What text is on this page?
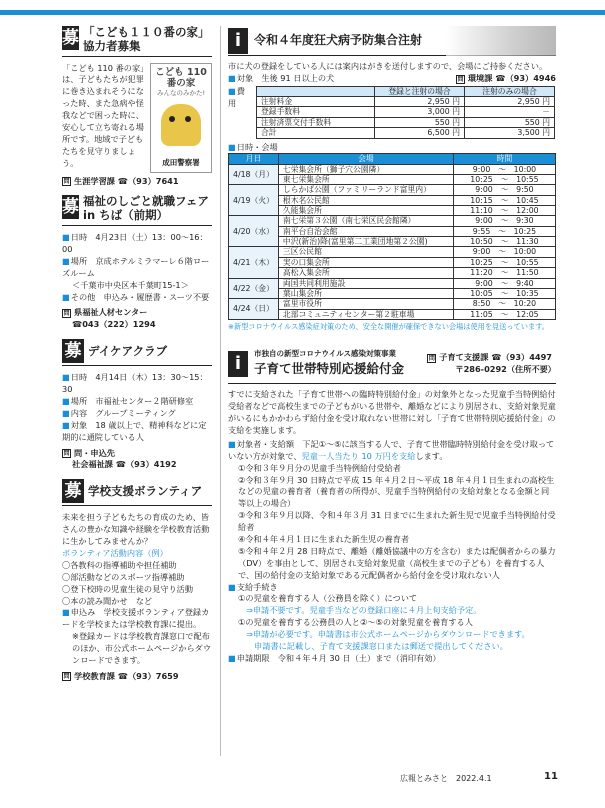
募 「こども１１０番の家」協力者募集
こども 110番の家
みんなのみかた!
成田警察署

「こども 110 番の家」は、子どもたちが犯罪に巻き込まれそうになった時、また急病や怪我などで困った時に、安心して立ち寄れる場所です。地域で子どもたちを見守りましょう。

問 生涯学習課 ☎（93）7641
募 福祉のしごと就職フェア in ちば（前期）

■ 日時　4月23日（土）13：00～16：00

■ 場所　京成ホテルミラマーレ６階ローズルーム

＜千葉市中央区本千葉町15-1＞

■ その他　申込み・履歴書・スーツ不要

問 県福祉人材センター

☎043（222）1294

募 デイケアクラブ

■ 日時　4月14日（木）13：30～15：30

■ 場所　市福祉センター２階研修室

■ 内容　グループミーティング

■ 対象　18 歳以上で、精神科などに定期的に通院している人

問 問・申込先

社会福祉課 ☎（93）4192

募 学校支援ボランティア

未来を担う子どもたちの育成のため、皆さんの豊かな知識や経験を学校教育活動に生かしてみませんか？

ボランティア活動内容（例）

〇各教科の指導補助や担任補助

〇部活動などのスポーツ指導補助

〇登下校時の児童生徒の見守り活動

〇本の読み聞かせ　など

■ 申込み　学校支援ボランティア登録カードを学校または学校教育課に提出。

※登録カードは学校教育課窓口で配布のほか、市公式ホームページからダウンロードできます。

問 学校教育課 ☎（93）7659
i	令和４年度狂犬病予防集合注射

市に犬の登録をしている人には案内はがきを送付しますので、会場にご持参ください。

■ 対象　生後 91 日以上の犬	問 環境課 ☎（93）4946
■ 費用
	登録と注射の場合	注射のみの場合
注射料金	2,950 円	2,950 円
登録手数料	3,000 円	－
注射済票交付手数料	550 円	550 円
合計	6,500 円	3,500 円

■ 日時・会場

月日	会場	時間
4/18（月）	七栄集会所（獅子穴公園隣）	9:00　～　10:00
	東七栄集会所	10:25　～　10:55
4/19（火）	しらかば公園（ファミリーランド富里内）	9:00　～　9:50
	根木名公民館	10:15　～　10:45
	久能集会所	11:10　～　12:00
4/20（水）	南七栄第３公園（南七栄区民会館隣）	9:00　～　9:30
	南平台自治会館	9:55　～　10:25
	中沢(新治)降(富里第二工業団地第２公園)	10:50　～　11:30
4/21（木）	三区公民館	9:00　～　10:00
	実の口集会所	10:25　～　10:55
	高松入集会所	11:20　～　11:50
4/22（金）	両国共同利用施設	9:00　～　9:40
	葉山集会所	10:05　～　10:35
4/24（日）	富里市役所	8:50　～　10:20
	北部コミュニティセンター第２駐車場	11:05　～　12:05

※新型コロナウイルス感染症対策のため、安全な開催が確保できない会場は使用を見送っています。

i	市独自の新型コロナウイルス感染対策事業
子育て世帯特別応援給付金
問 子育て支援課 ☎（93）4497
〒286-0292（住所不要）

すでに支給された「子育て世帯への臨時特別給付金」の対象外となった児童手当特例給付受給者などで高校生までの子どもがいる世帯や、離婚などにより別居され、支給対象児童がいるにもかかわらず給付金を受け取れない世帯に対し「子育て世帯特別応援給付金」の支給を実施します。

■ 対象者・支給額　下記①～⑤に該当する人で、子育て世帯臨時特別給付金を受け取っていない方が対象で、児童一人当たり 10 万円を支給します。

①令和３年９月分の児童手当特例給付受給者

②令和３年９月 30 日時点で平成 15 年４月２日～平成 18 年４月１日生まれの高校生などの児童の養育者（養育者の所得が、児童手当特例給付の支給対象となる金額と同等以上の場合）

③令和３年９月以降、令和４年３月 31 日までに生まれた新生児で児童手当特例給付受給者

④令和４年４月１日に生まれた新生児の養育者

⑤令和４年２月 28 日時点で、離婚（離婚協議中の方を含む）または配偶者からの暴力（DV）を事由として、別居され支給対象児童（高校生までの子ども）を養育する人で、国の給付金の支給対象である元配偶者から給付金を受け取れない人

■ 支給手続き

①の児童を養育する人（公務員を除く）について

⇒申請不要です。児童手当などの登録口座に４月上旬支給予定。

①の児童を養育する公務員の人と②～⑤の対象児童を養育する人

⇒申請が必要です。申請書は市公式ホームページからダウンロードできます。

申請書に記載し、子育て支援課窓口または郵送で提出してください。

■ 申請期限　令和４年４月 30 日（土）まで（消印有効）

広報とみさと　2022.4.1	11
